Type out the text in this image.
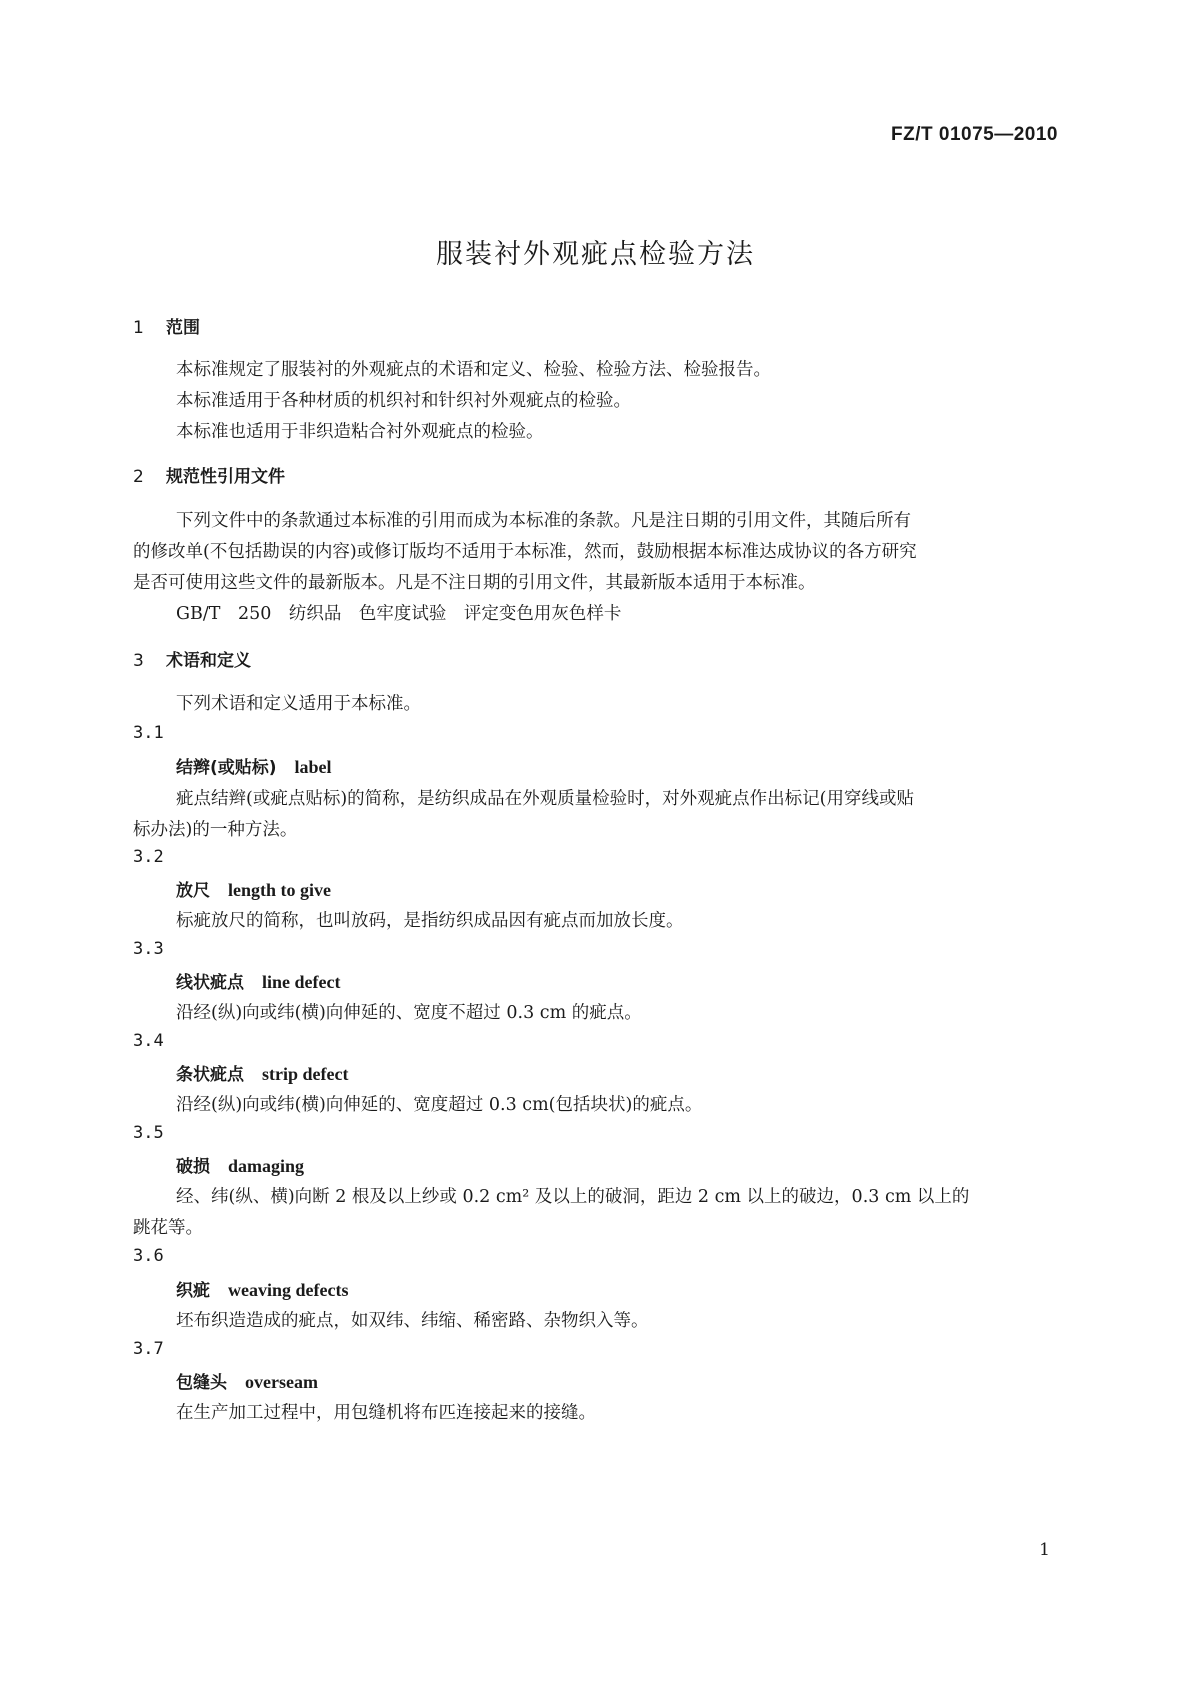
FZ/T 01075—2010
服装衬外观疵点检验方法
1 范围
本标准规定了服装衬的外观疵点的术语和定义、检验、检验方法、检验报告。
本标准适用于各种材质的机织衬和针织衬外观疵点的检验。
本标准也适用于非织造粘合衬外观疵点的检验。
2 规范性引用文件
下列文件中的条款通过本标准的引用而成为本标准的条款。凡是注日期的引用文件，其随后所有
的修改单(不包括勘误的内容)或修订版均不适用于本标准，然而，鼓励根据本标准达成协议的各方研究
是否可使用这些文件的最新版本。凡是不注日期的引用文件，其最新版本适用于本标准。
GB/T 250　纺织品　色牢度试验　评定变色用灰色样卡
3 术语和定义
下列术语和定义适用于本标准。
3.1
结辫(或贴标) label
疵点结辫(或疵点贴标)的简称，是纺织成品在外观质量检验时，对外观疵点作出标记(用穿线或贴
标办法)的一种方法。
3.2
放尺 length to give
标疵放尺的简称，也叫放码，是指纺织成品因有疵点而加放长度。
3.3
线状疵点 line defect
沿经(纵)向或纬(横)向伸延的、宽度不超过 0.3 cm 的疵点。
3.4
条状疵点 strip defect
沿经(纵)向或纬(横)向伸延的、宽度超过 0.3 cm(包括块状)的疵点。
3.5
破损 damaging
经、纬(纵、横)向断 2 根及以上纱或 0.2 cm² 及以上的破洞，距边 2 cm 以上的破边，0.3 cm 以上的
跳花等。
3.6
织疵 weaving defects
坯布织造造成的疵点，如双纬、纬缩、稀密路、杂物织入等。
3.7
包缝头 overseam
在生产加工过程中，用包缝机将布匹连接起来的接缝。
1
